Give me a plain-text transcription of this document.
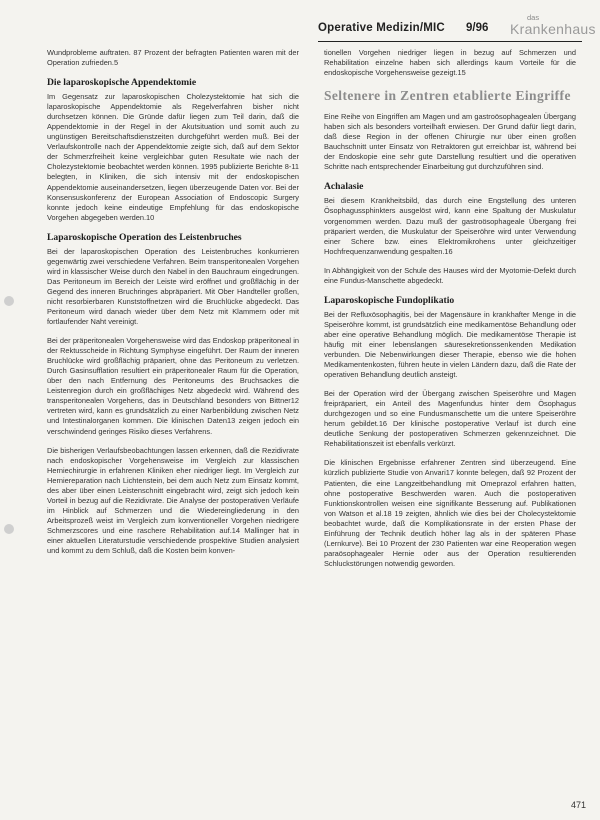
Operative Medizin/MIC 9/96
das
Krankenhaus

Wundprobleme auftraten. 87 Prozent der befragten Patienten waren mit der Operation zufrieden.5

Die laparoskopische Appendektomie

Im Gegensatz zur laparoskopischen Cholezystektomie hat sich die laparoskopische Appendektomie als Regelverfahren bisher nicht durchsetzen können. Die Gründe dafür liegen zum Teil darin, daß die Appendektomie in der Regel in der Akutsituation und somit auch zu ungünstigen Bereitschaftsdienstzeiten durchgeführt werden muß. Bei der Verlaufskontrolle nach der Appendektomie zeigte sich, daß auf dem Sektor der Schmerzfreiheit keine vergleichbar guten Resultate wie nach der Cholezystektomie beobachtet werden können. 1995 publizierte Berichte 8-11 belegten, in Kliniken, die sich intensiv mit der endoskopischen Appendektomie auseinandersetzen, liegen überzeugende Daten vor. Bei der Konsensuskonferenz der European Association of Endoscopic Surgery konnte jedoch keine eindeutige Empfehlung für das endoskopische Vorgehen abgegeben werden.10

Laparoskopische Operation des Leistenbruches

Bei der laparoskopischen Operation des Leistenbruches konkurrieren gegenwärtig zwei verschiedene Verfahren. Beim transperitonealen Vorgehen wird in klassischer Weise durch den Nabel in den Bauchraum eingedrungen. Das Peritoneum im Bereich der Leiste wird eröffnet und großflächig in der Gegend des inneren Bruchringes abpräpariert. Mit Ober Handteller großen, nicht resorbierbaren Kunststoffnetzen wird die Bruchlücke abgedeckt. Das Peritoneum wird danach wieder über dem Netz mit Klammern oder mit fortlaufender Naht vereinigt.

Bei der präperitonealen Vorgehensweise wird das Endoskop präperitoneal in der Rektusscheide in Richtung Symphyse eingeführt. Der Raum der inneren Bruchlücke wird großflächig präpariert, ohne das Peritoneum zu verletzen. Durch Gasinsufflation resultiert ein präperitonealer Raum für die Operation, über den nach Entfernung des Peritoneums des Bruchsackes die Leistenregion durch ein großflächiges Netz abgedeckt wird. Während des transperitonealen Vorgehens, das in Deutschland besonders von Bittner12 vertreten wird, kann es grundsätzlich zu einer Narbenbildung zwischen Netz und Intestinalorganen kommen. Die klinischen Daten13 zeigen jedoch ein verschwindend geringes Risiko dieses Verfahrens.

Die bisherigen Verlaufsbeobachtungen lassen erkennen, daß die Rezidivrate nach endoskopischer Vorgehensweise im Vergleich zur klassischen Herniechirurgie in erfahrenen Kliniken eher niedriger liegt. Im Vergleich zur Herniereparation nach Lichtenstein, bei dem auch Netz zum Einsatz kommt, des aber über einen Leistenschnitt eingebracht wird, zeigt sich jedoch kein Vorteil in bezug auf die Rezidivrate. Die Analyse der postoperativen Verläufe im Hinblick auf Schmerzen und die Wiedereingliederung in den Arbeitsprozeß weist im Vergleich zum konventioneller Vorgehen niedrigere Schmerzscores und eine raschere Rehabilitation auf.14 Mallinger hat in einer aktuellen Literaturstudie verschiedende prospektive Studien analysiert und kommt zu dem Schluß, daß die Kosten beim konven-

tionellen Vorgehen niedriger liegen in bezug auf Schmerzen und Rehabilitation einzelne haben sich allerdings kaum Vorteile für die endoskopische Vorgehensweise gezeigt.15

Seltenere in Zentren etablierte Eingriffe

Eine Reihe von Eingriffen am Magen und am gastroösophagealen Übergang haben sich als besonders vorteilhaft erwiesen. Der Grund dafür liegt darin, daß diese Region in der offenen Chirurgie nur über einen großen Bauchschnitt unter Einsatz von Retraktoren gut erreichbar ist, während bei der Endoskopie eine sehr gute Darstellung resultiert und die operativen Schritte nach entsprechender Einarbeitung gut durchzuführen sind.

Achalasie

Bei diesem Krankheitsbild, das durch eine Engstellung des unteren Ösophagussphinkters ausgelöst wird, kann eine Spaltung der Muskulatur vorgenommen werden. Dazu muß der gastroösophageale Übergang frei präpariert werden, die Muskulatur der Speiseröhre wird unter Verwendung einer Schere bzw. eines Elektromikrohens unter gleichzeitiger Hochfrequenzanwendung gespalten.16

In Abhängigkeit von der Schule des Hauses wird der Myotomie-Defekt durch eine Fundus-Manschette abgedeckt.

Laparoskopische Fundoplikatio

Bei der Refluxösophagitis, bei der Magensäure in krankhafter Menge in die Speiseröhre kommt, ist grundsätzlich eine medikamentöse Behandlung oder aber eine operative Behandlung möglich. Die medikamentöse Therapie ist häufig mit einer lebenslangen säuresekretionssenkenden Medikation verbunden. Die Nebenwirkungen dieser Therapie, ebenso wie die hohen Medikamentenkosten, führen heute in vielen Ländern dazu, daß die Rate der operativen Behandlung deutlich ansteigt.

Bei der Operation wird der Übergang zwischen Speiseröhre und Magen freipräpariert, ein Anteil des Magenfundus hinter dem Ösophagus durchgezogen und so eine Fundusmanschette um die untere Speiseröhre herum gebildet.16 Der klinische postoperative Verlauf ist durch eine deutliche Senkung der postoperativen Schmerzen gekennzeichnet. Die Rehabilitationszeit ist ebenfalls verkürzt.

Die klinischen Ergebnisse erfahrener Zentren sind überzeugend. Eine kürzlich publizierte Studie von Anvari17 konnte belegen, daß 92 Prozent der Patienten, die eine Langzeitbehandlung mit Omeprazol erfahren hatten, ohne postoperative Beschwerden waren. Auch die postoperativen Funktionskontrollen weisen eine signifikante Besserung auf. Publikationen von Watson et al.18 19 zeigten, ähnlich wie dies bei der Cholecystektomie beobachtet wurde, daß die Komplikationsrate in der ersten Phase der Einführung der Technik deutlich höher lag als in der späteren Phase (Lernkurve). Bei 10 Prozent der 230 Patienten war eine Reoperation wegen paraösophagealer Hernie oder aus der Operation resultierenden Schluckstörungen notwendig geworden.

471
